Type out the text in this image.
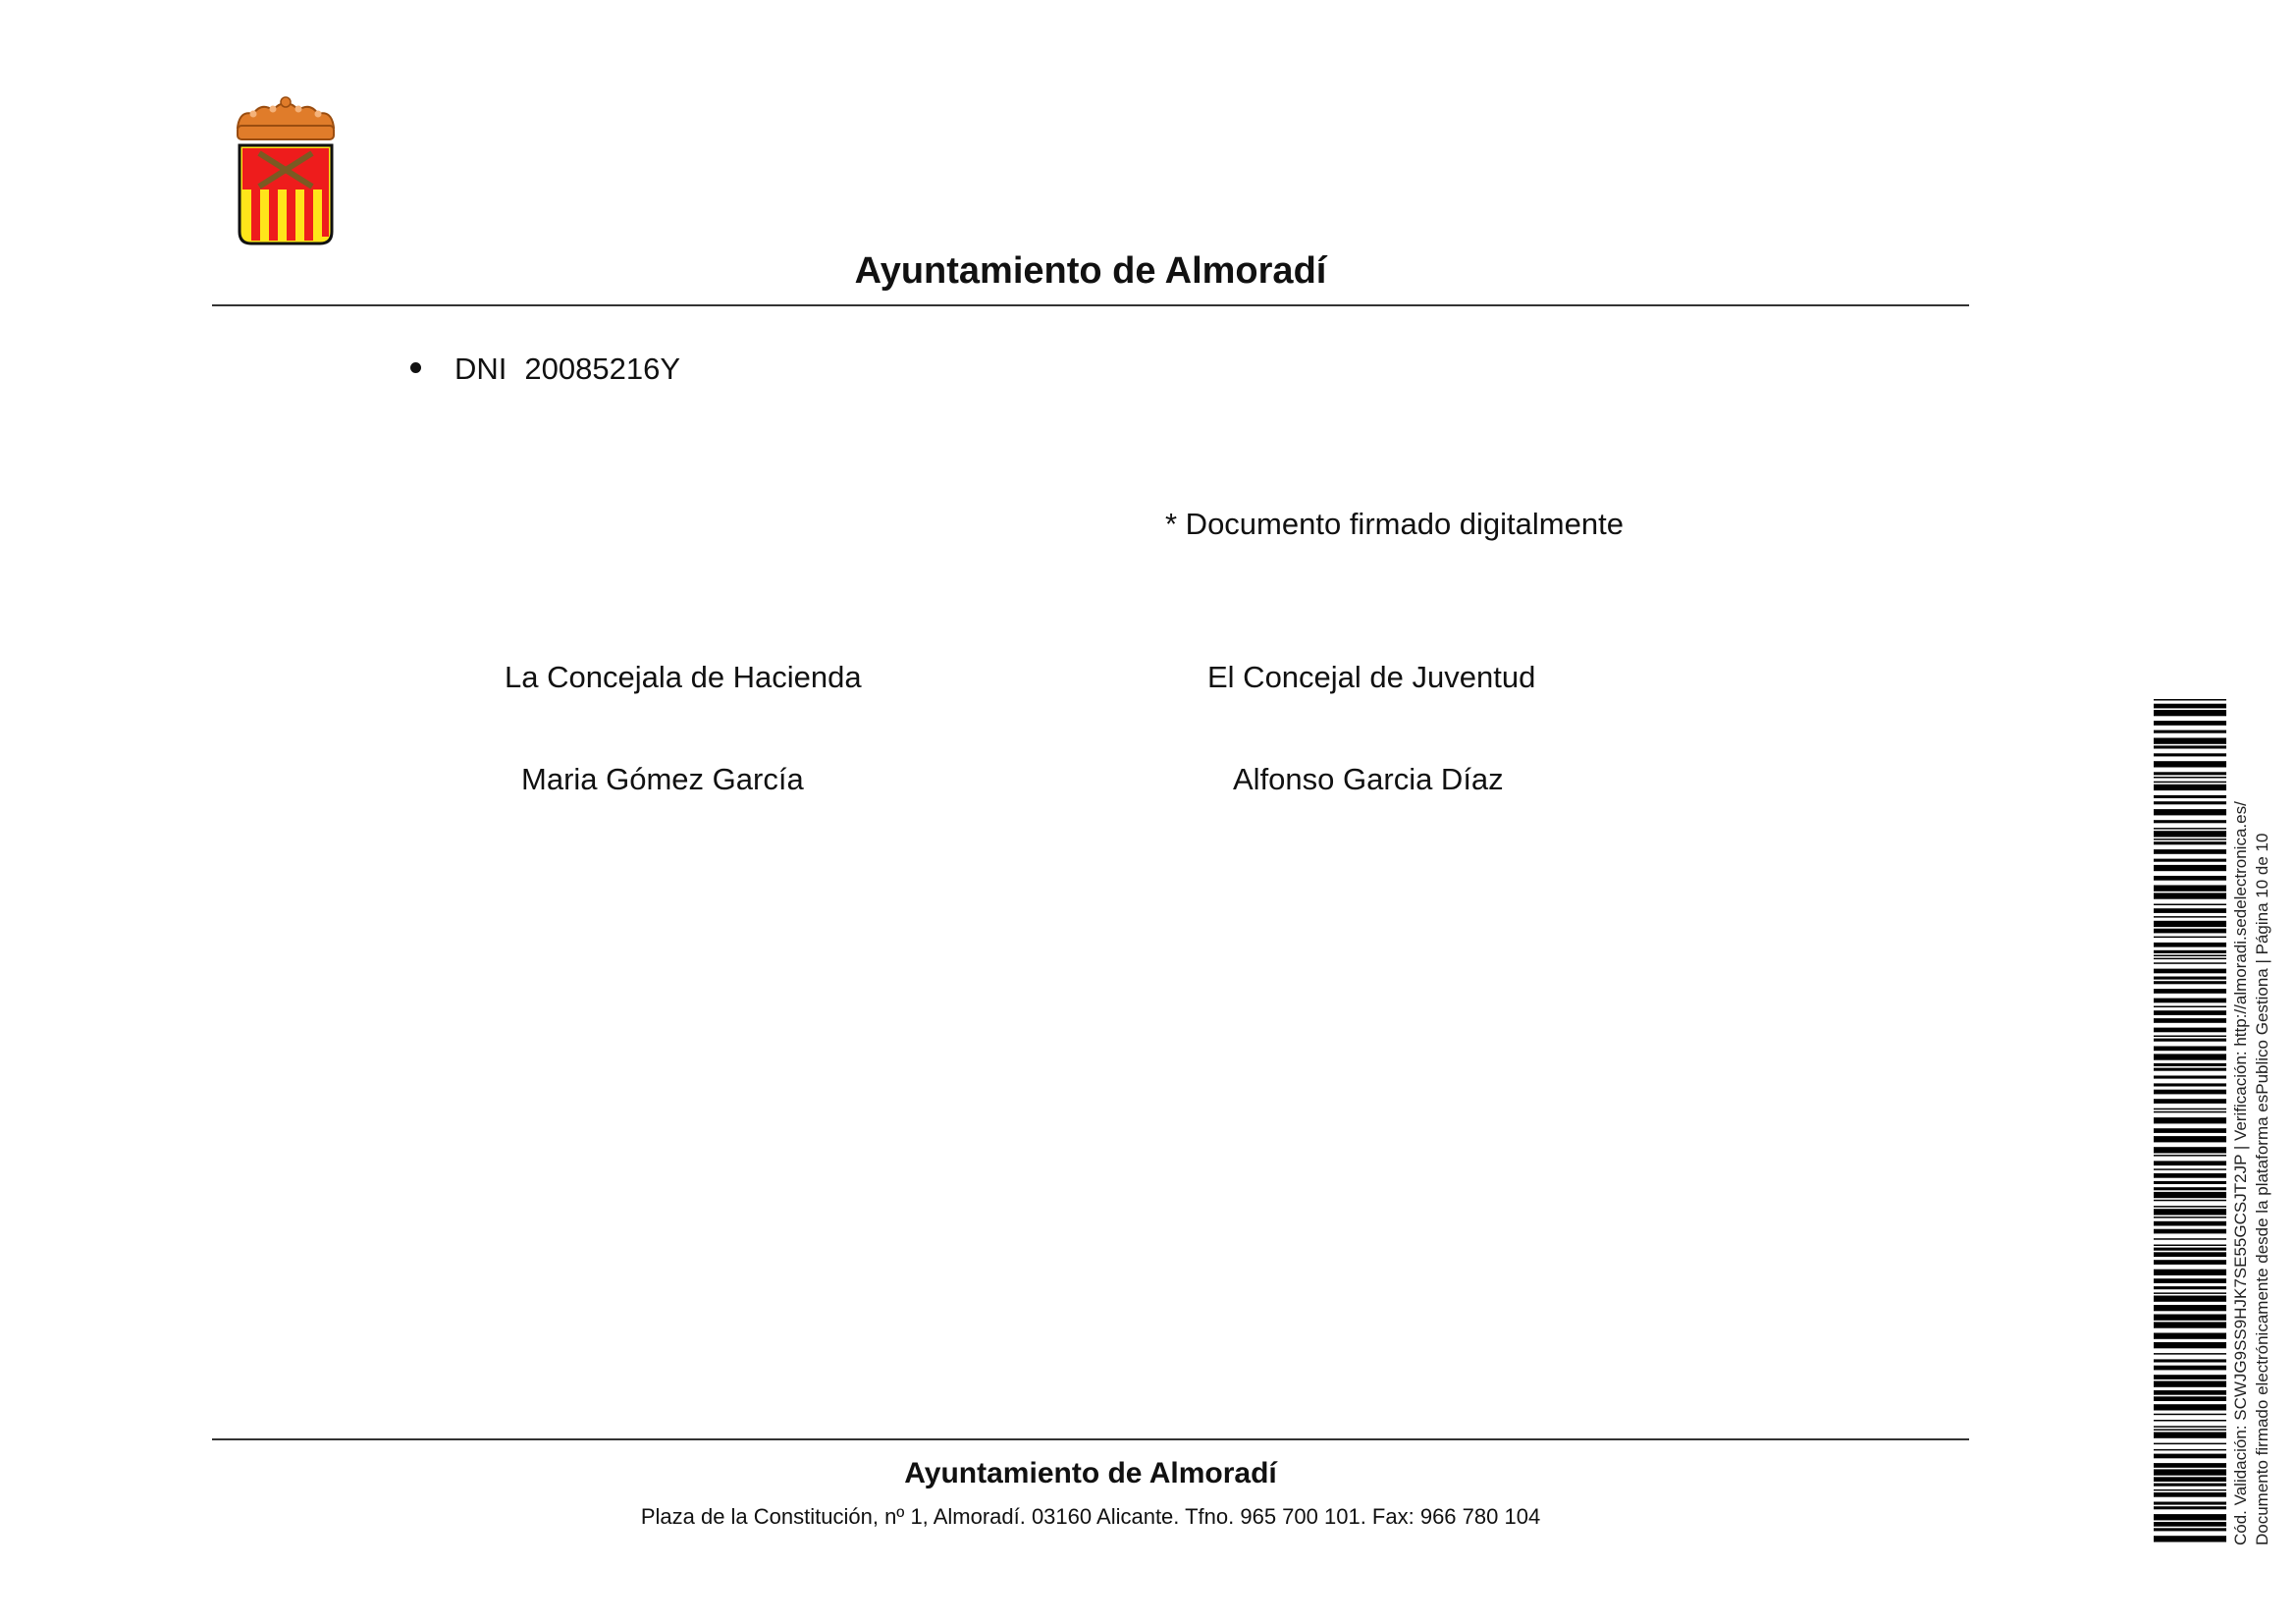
Ayuntamiento de Almoradí
DNI 20085216Y
* Documento firmado digitalmente
La Concejala de Hacienda
Maria Gómez García
El Concejal de Juventud
Alfonso Garcia Díaz
Ayuntamiento de Almoradí
Plaza de la Constitución, nº 1, Almoradí. 03160 Alicante. Tfno. 965 700 101. Fax: 966 780 104	Cód. Validación: SCWJG9SS9HJK7SE55GCSJT2JP | Verificación: http://almoradi.sedelectronica.es/ Documento firmado electrónicamente desde la plataforma esPublico Gestiona | Página 10 de 10
